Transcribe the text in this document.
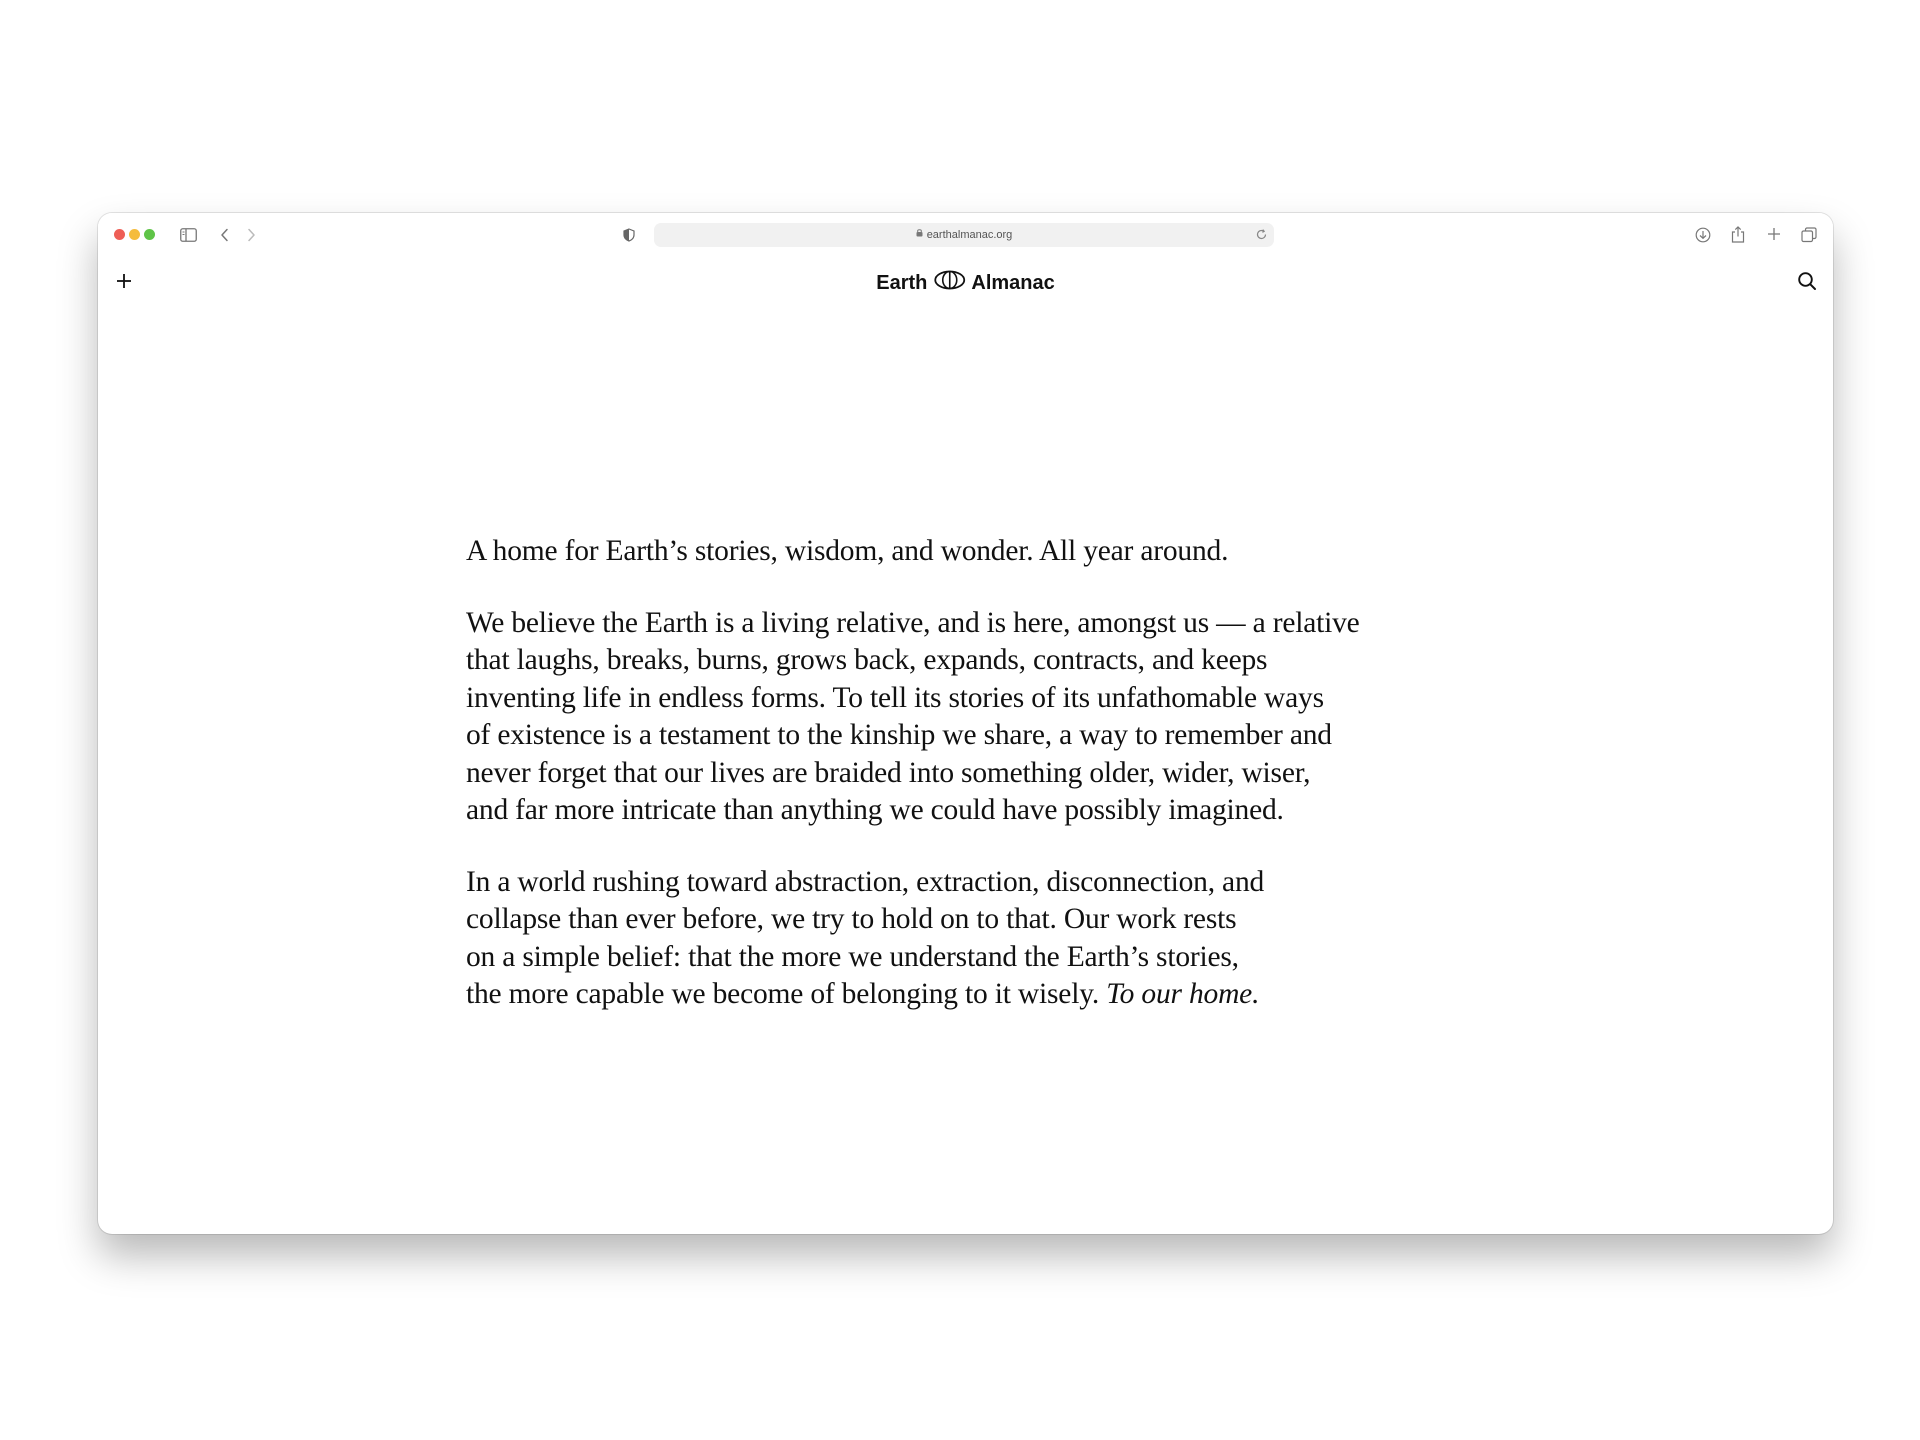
earthalmanac.org
Earth Almanac

A home for Earth’s stories, wisdom, and wonder. All year around.

We believe the Earth is a living relative, and is here, amongst us — a relative
that laughs, breaks, burns, grows back, expands, contracts, and keeps
inventing life in endless forms. To tell its stories of its unfathomable ways
of existence is a testament to the kinship we share, a way to remember and
never forget that our lives are braided into something older, wider, wiser,
and far more intricate than anything we could have possibly imagined.

In a world rushing toward abstraction, extraction, disconnection, and
collapse than ever before, we try to hold on to that. Our work rests
on a simple belief: that the more we understand the Earth’s stories,
the more capable we become of belonging to it wisely. To our home.
